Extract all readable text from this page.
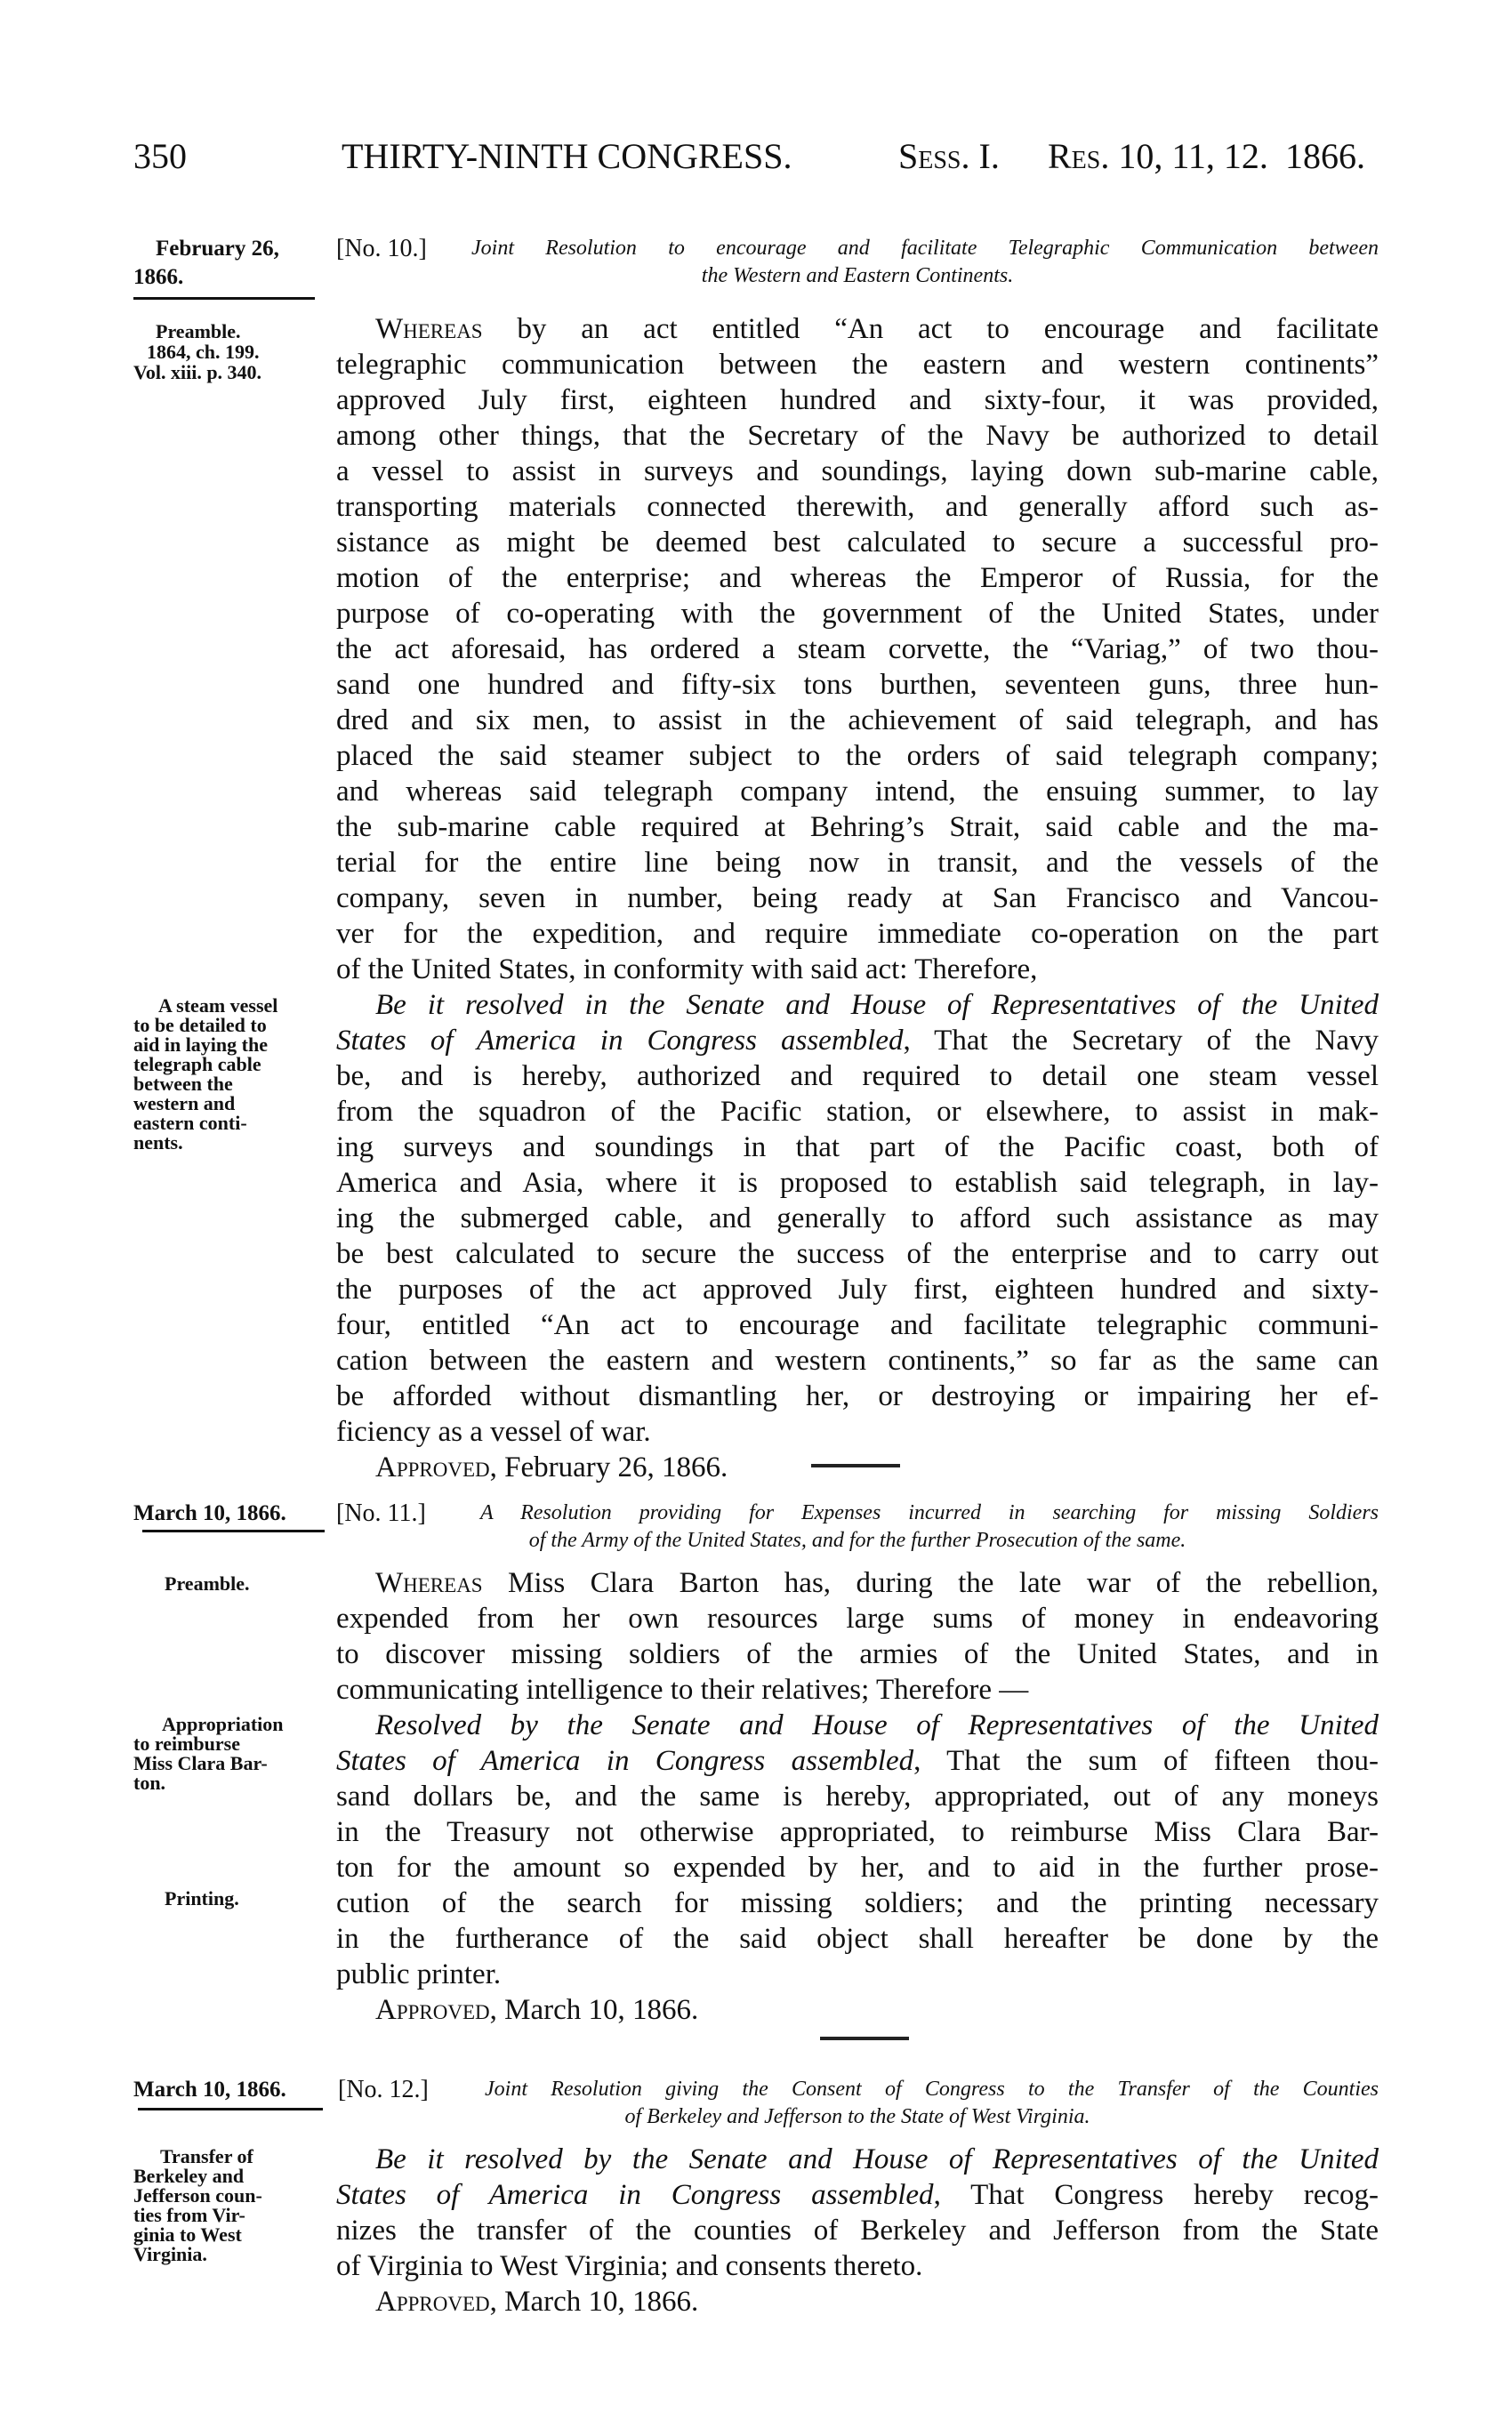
350	THIRTY-NINTH CONGRESS.	Sess. I. Res. 10, 11, 12. 1866.
February 26,
1866.
[No. 10.] Joint Resolution to encourage and facilitate Telegraphic Communication between
the Western and Eastern Continents.
Preamble.
1864, ch. 199.
Vol. xiii. p. 340.
A steam vessel
to be detailed to
aid in laying the
telegraph cable
between the
western and
eastern conti-
nents.
Whereas by an act entitled “An act to encourage and facilitate
telegraphic communication between the eastern and western continents”
approved July first, eighteen hundred and sixty-four, it was provided,
among other things, that the Secretary of the Navy be authorized to detail
a vessel to assist in surveys and soundings, laying down sub-marine cable,
transporting materials connected therewith, and generally afford such as-
sistance as might be deemed best calculated to secure a successful pro-
motion of the enterprise; and whereas the Emperor of Russia, for the
purpose of co-operating with the government of the United States, under
the act aforesaid, has ordered a steam corvette, the “Variag,” of two thou-
sand one hundred and fifty-six tons burthen, seventeen guns, three hun-
dred and six men, to assist in the achievement of said telegraph, and has
placed the said steamer subject to the orders of said telegraph company;
and whereas said telegraph company intend, the ensuing summer, to lay
the sub-marine cable required at Behring’s Strait, said cable and the ma-
terial for the entire line being now in transit, and the vessels of the
company, seven in number, being ready at San Francisco and Vancou-
ver for the expedition, and require immediate co-operation on the part
of the United States, in conformity with said act: Therefore,
Be it resolved in the Senate and House of Representatives of the United
States of America in Congress assembled, That the Secretary of the Navy
be, and is hereby, authorized and required to detail one steam vessel
from the squadron of the Pacific station, or elsewhere, to assist in mak-
ing surveys and soundings in that part of the Pacific coast, both of
America and Asia, where it is proposed to establish said telegraph, in lay-
ing the submerged cable, and generally to afford such assistance as may
be best calculated to secure the success of the enterprise and to carry out
the purposes of the act approved July first, eighteen hundred and sixty-
four, entitled “An act to encourage and facilitate telegraphic communi-
cation between the eastern and western continents,” so far as the same can
be afforded without dismantling her, or destroying or impairing her ef-
ficiency as a vessel of war.
Approved, February 26, 1866.
March 10, 1866. [No. 11.]	A Resolution providing for Expenses incurred in searching for missing Soldiers
of the Army of the United States, and for the further Prosecution of the same.
Preamble.
Appropriation
to reimburse
Miss Clara Bar-
ton.
Printing.
Whereas Miss Clara Barton has, during the late war of the rebellion,
expended from her own resources large sums of money in endeavoring
to discover missing soldiers of the armies of the United States, and in
communicating intelligence to their relatives; Therefore —
Resolved by the Senate and House of Representatives of the United
States of America in Congress assembled, That the sum of fifteen thou-
sand dollars be, and the same is hereby, appropriated, out of any moneys
in the Treasury not otherwise appropriated, to reimburse Miss Clara Bar-
ton for the amount so expended by her, and to aid in the further prose-
cution of the search for missing soldiers; and the printing necessary
in the furtherance of the said object shall hereafter be done by the
public printer.
Approved, March 10, 1866.
March 10, 1866. [No. 12.]	Joint Resolution giving the Consent of Congress to the Transfer of the Counties
of Berkeley and Jefferson to the State of West Virginia.
Transfer of
Berkeley and
Jefferson coun-
ties from Vir-
ginia to West
Virginia.
Be it resolved by the Senate and House of Representatives of the United
States of America in Congress assembled, That Congress hereby recog-
nizes the transfer of the counties of Berkeley and Jefferson from the State
of Virginia to West Virginia; and consents thereto.
Approved, March 10, 1866.
